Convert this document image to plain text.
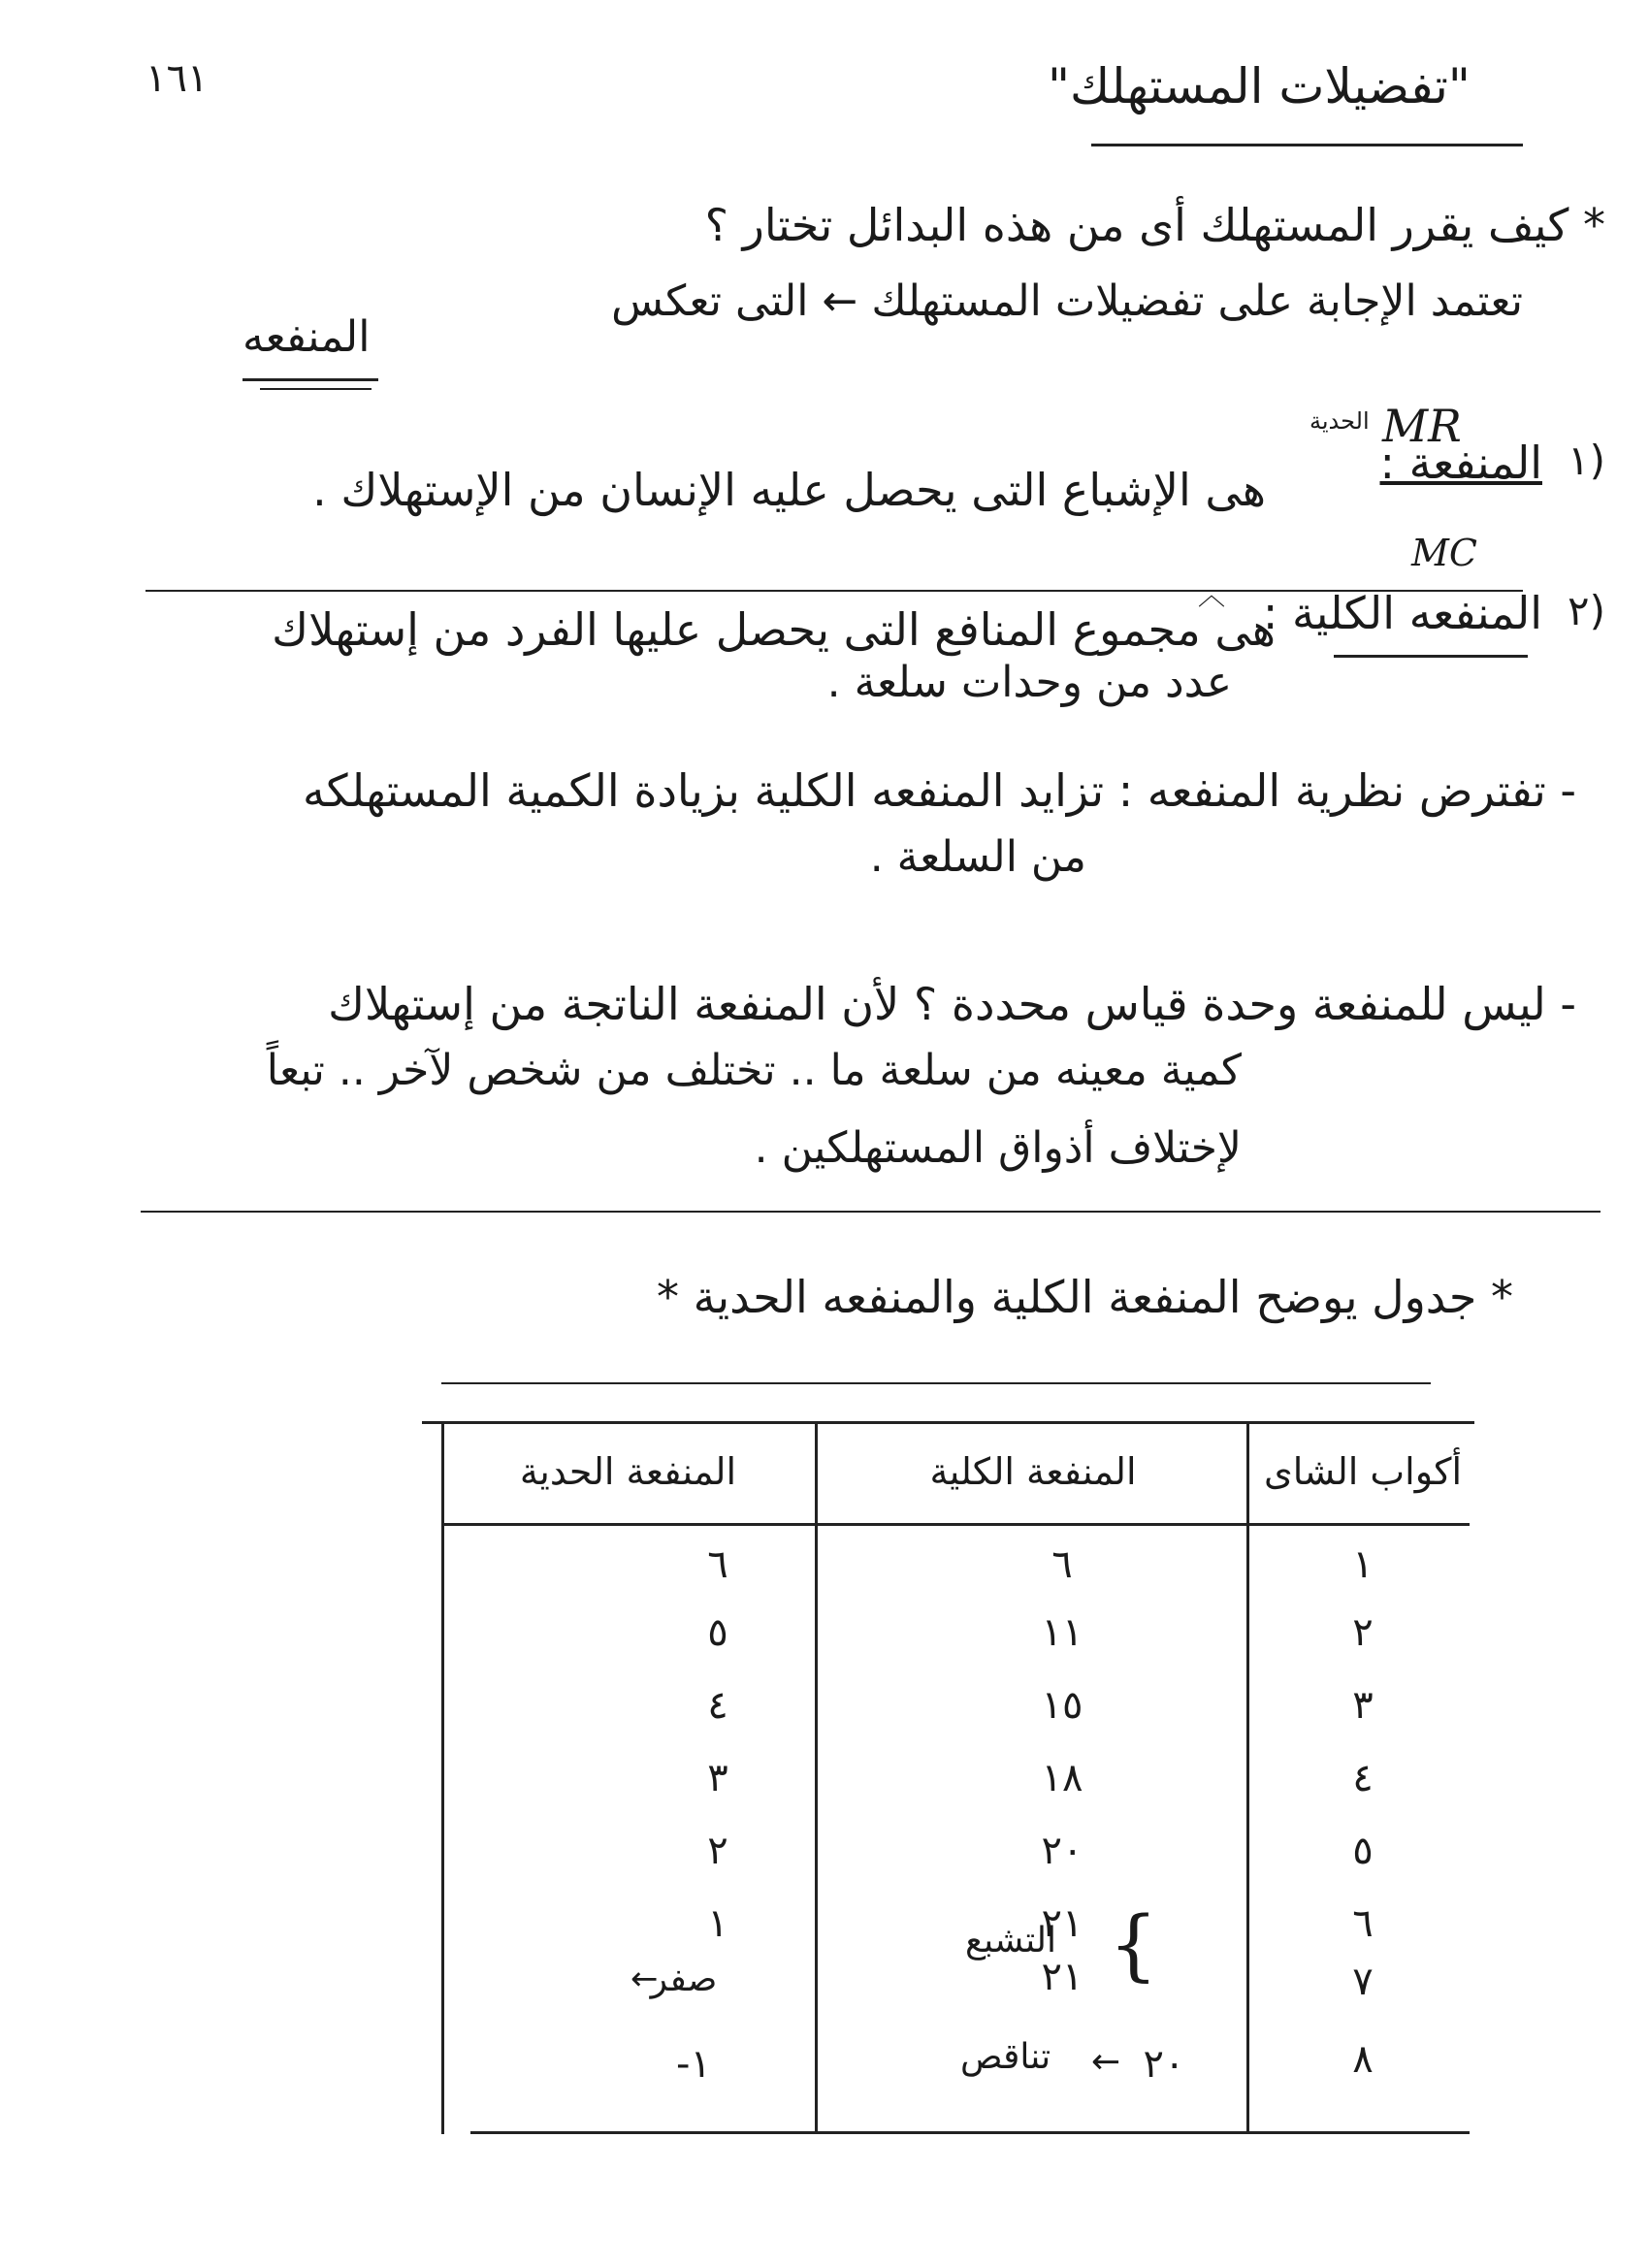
١٦١	"تفضيلات المستهلك"
* كيف يقرر المستهلك أى من هذه البدائل تختار ؟
تعتمد الإجابة على تفضيلات المستهلك ← التى تعكس
المنفعه
MR
الحدية
(١
المنفعة :
هى الإشباع التى يحصل عليه الإنسان من الإستهلاك .
︿
MC
(٢
المنفعه الكلية :
هى مجموع المنافع التى يحصل عليها الفرد من إستهلاك
عدد من وحدات سلعة .
- تفترض نظرية المنفعه : تزايد المنفعه الكلية بزيادة الكمية المستهلكه
من السلعة .
- ليس للمنفعة وحدة قياس محددة ؟ لأن المنفعة الناتجة من إستهلاك
كمية معينه من سلعة ما .. تختلف من شخص لآخر .. تبعاً
لإختلاف أذواق المستهلكين .
* جدول يوضح المنفعة الكلية والمنفعه الحدية *
أكواب الشاى
المنفعة الكلية
المنفعة الحدية
١
٦
٦
٢
١١
٥
٣
١٥
٤
٤
١٨
٣
٥
٢٠
٢
٦
٢١
١
٧
٢١
صفر
٨
٢٠
١-
{
التشبع
←
←
تناقص
